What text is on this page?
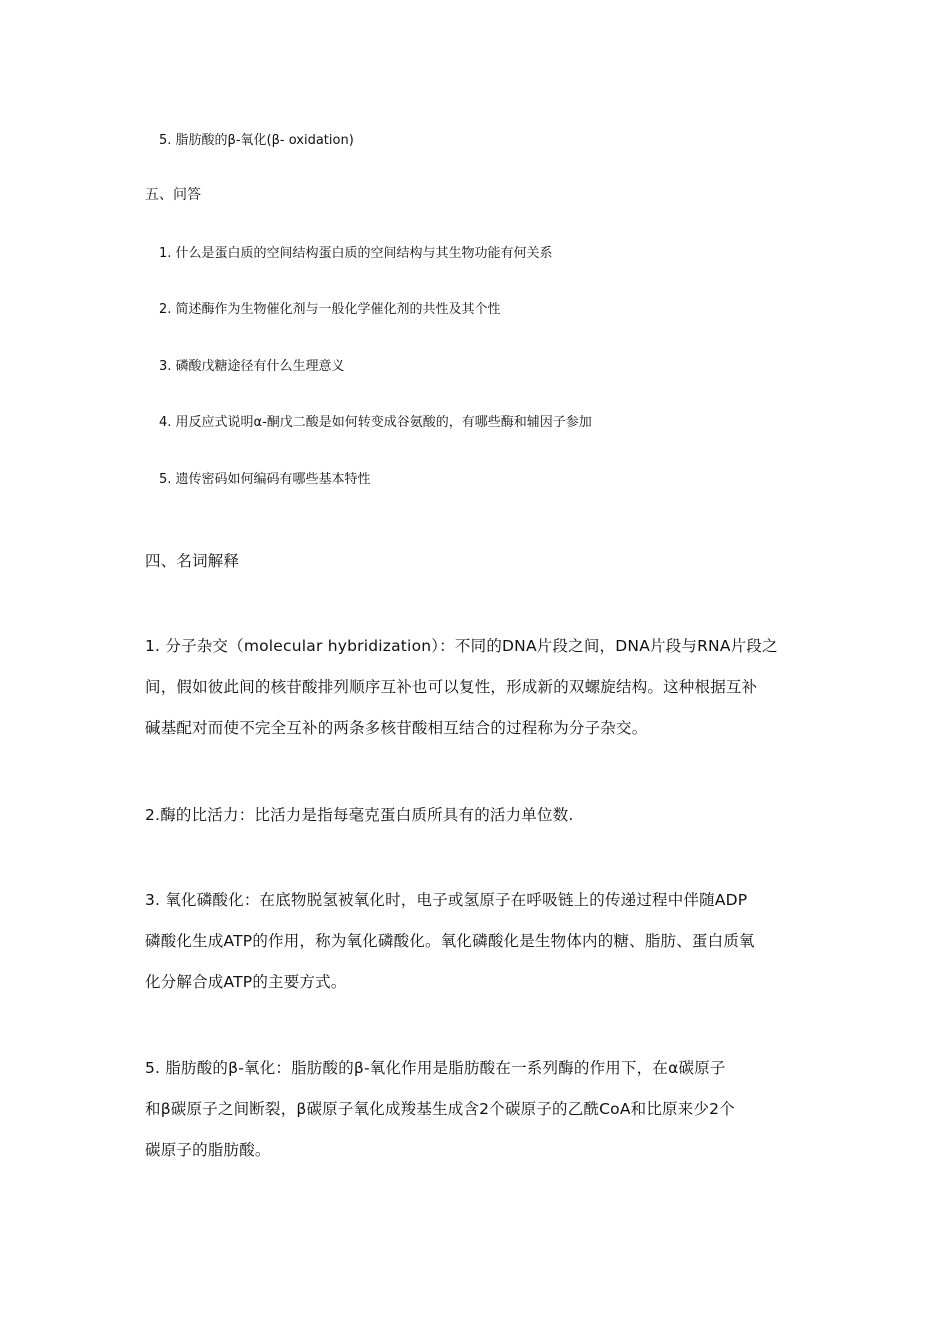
5. 脂肪酸的β-氧化(β- oxidation)
五、问答
1. 什么是蛋白质的空间结构蛋白质的空间结构与其生物功能有何关系
2. 简述酶作为生物催化剂与一般化学催化剂的共性及其个性
3. 磷酸戊糖途径有什么生理意义
4. 用反应式说明α-酮戊二酸是如何转变成谷氨酸的，有哪些酶和辅因子参加
5. 遗传密码如何编码有哪些基本特性
四、名词解释
1. 分子杂交（molecular hybridization）：不同的DNA片段之间，DNA片段与RNA片段之
间，假如彼此间的核苷酸排列顺序互补也可以复性，形成新的双螺旋结构。这种根据互补
碱基配对而使不完全互补的两条多核苷酸相互结合的过程称为分子杂交。
2.酶的比活力：比活力是指每毫克蛋白质所具有的活力单位数.
3. 氧化磷酸化：在底物脱氢被氧化时，电子或氢原子在呼吸链上的传递过程中伴随ADP
磷酸化生成ATP的作用，称为氧化磷酸化。氧化磷酸化是生物体内的糖、脂肪、蛋白质氧
化分解合成ATP的主要方式。
5. 脂肪酸的β-氧化：脂肪酸的β-氧化作用是脂肪酸在一系列酶的作用下，在α碳原子
和β碳原子之间断裂，β碳原子氧化成羧基生成含2个碳原子的乙酰CoA和比原来少2个
碳原子的脂肪酸。
